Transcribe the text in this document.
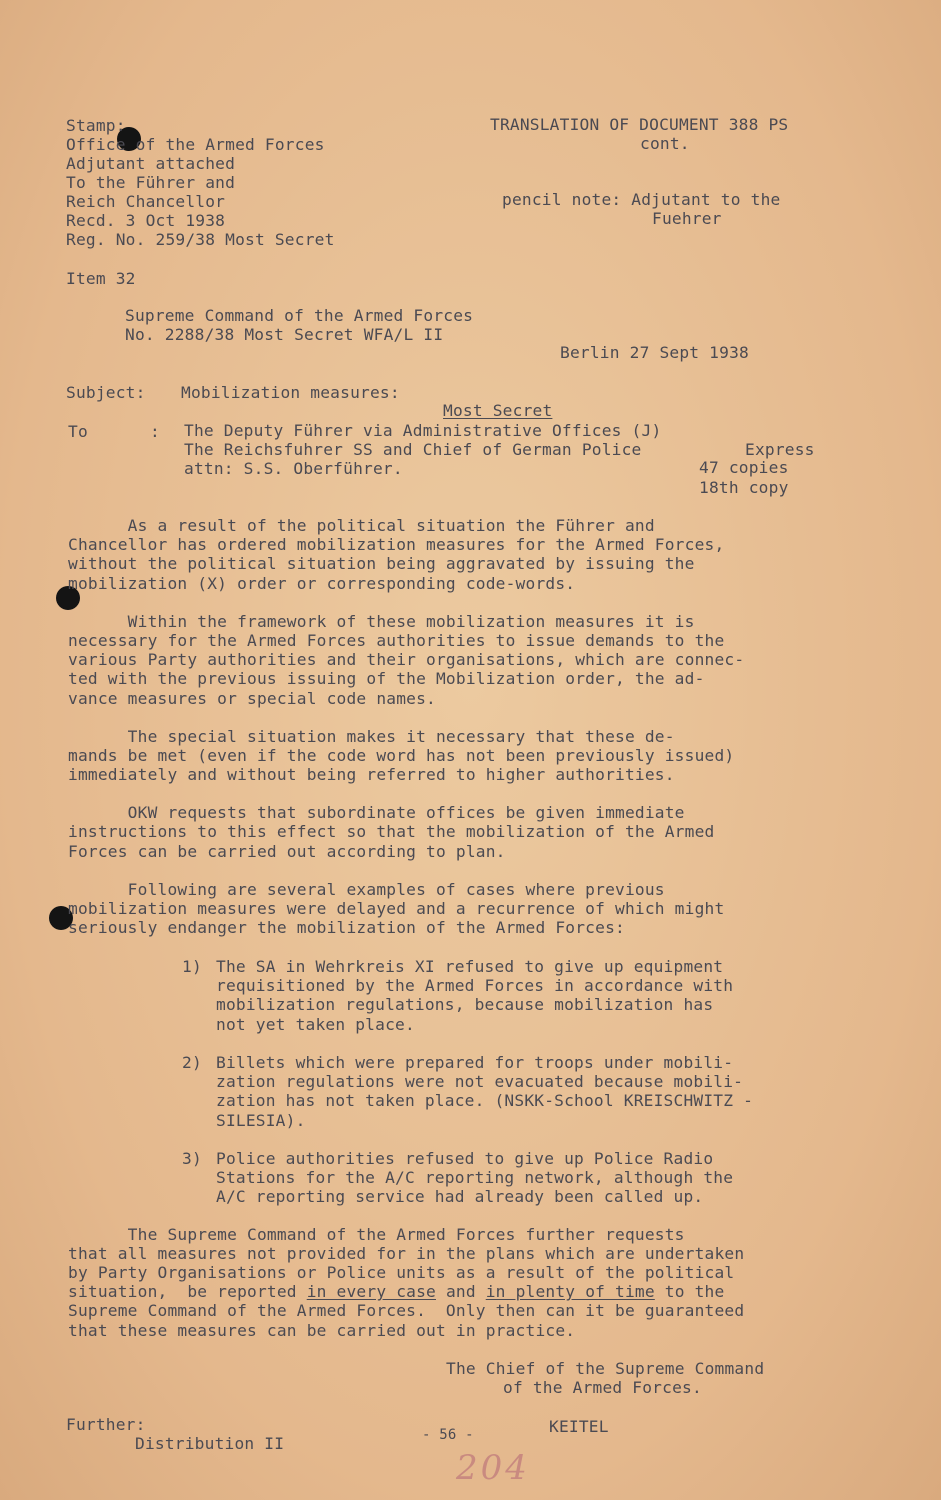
Stamp:
Office of the Armed Forces
Adjutant attached
To the Führer and
Reich Chancellor
Recd. 3 Oct 1938
Reg. No. 259/38 Most Secret
TRANSLATION OF DOCUMENT 388 PS
cont.
pencil note: Adjutant to the
Fuehrer
Item 32
Supreme Command of the Armed Forces
No. 2288/38 Most Secret WFA/L II
Berlin 27 Sept 1938
Subject: Mobilization measures:
Most Secret
To	: The Deputy Führer via Administrative Offices (J)
The Reichsfuhrer SS and Chief of German Police
attn: S.S. Oberführer.
Express
47 copies
18th copy
As a result of the political situation the Führer and
Chancellor has ordered mobilization measures for the Armed Forces,
without the political situation being aggravated by issuing the
mobilization (X) order or corresponding code-words.
Within the framework of these mobilization measures it is
necessary for the Armed Forces authorities to issue demands to the
various Party authorities and their organisations, which are connec-
ted with the previous issuing of the Mobilization order, the ad-
vance measures or special code names.
The special situation makes it necessary that these de-
mands be met (even if the code word has not been previously issued)
immediately and without being referred to higher authorities.
OKW requests that subordinate offices be given immediate
instructions to this effect so that the mobilization of the Armed
Forces can be carried out according to plan.
Following are several examples of cases where previous
mobilization measures were delayed and a recurrence of which might
seriously endanger the mobilization of the Armed Forces:
1) The SA in Wehrkreis XI refused to give up equipment
requisitioned by the Armed Forces in accordance with
mobilization regulations, because mobilization has
not yet taken place.
2) Billets which were prepared for troops under mobili-
zation regulations were not evacuated because mobili-
zation has not taken place. (NSKK-School KREISCHWITZ -
SILESIA).
3) Police authorities refused to give up Police Radio
Stations for the A/C reporting network, although the
A/C reporting service had already been called up.
The Supreme Command of the Armed Forces further requests
that all measures not provided for in the plans which are undertaken
by Party Organisations or Police units as a result of the political
situation,  be reported in every case and in plenty of time to the
Supreme Command of the Armed Forces.  Only then can it be guaranteed
that these measures can be carried out in practice.
The Chief of the Supreme Command
of the Armed Forces.
KEITEL
Further:
Distribution II	- 56 -
204
